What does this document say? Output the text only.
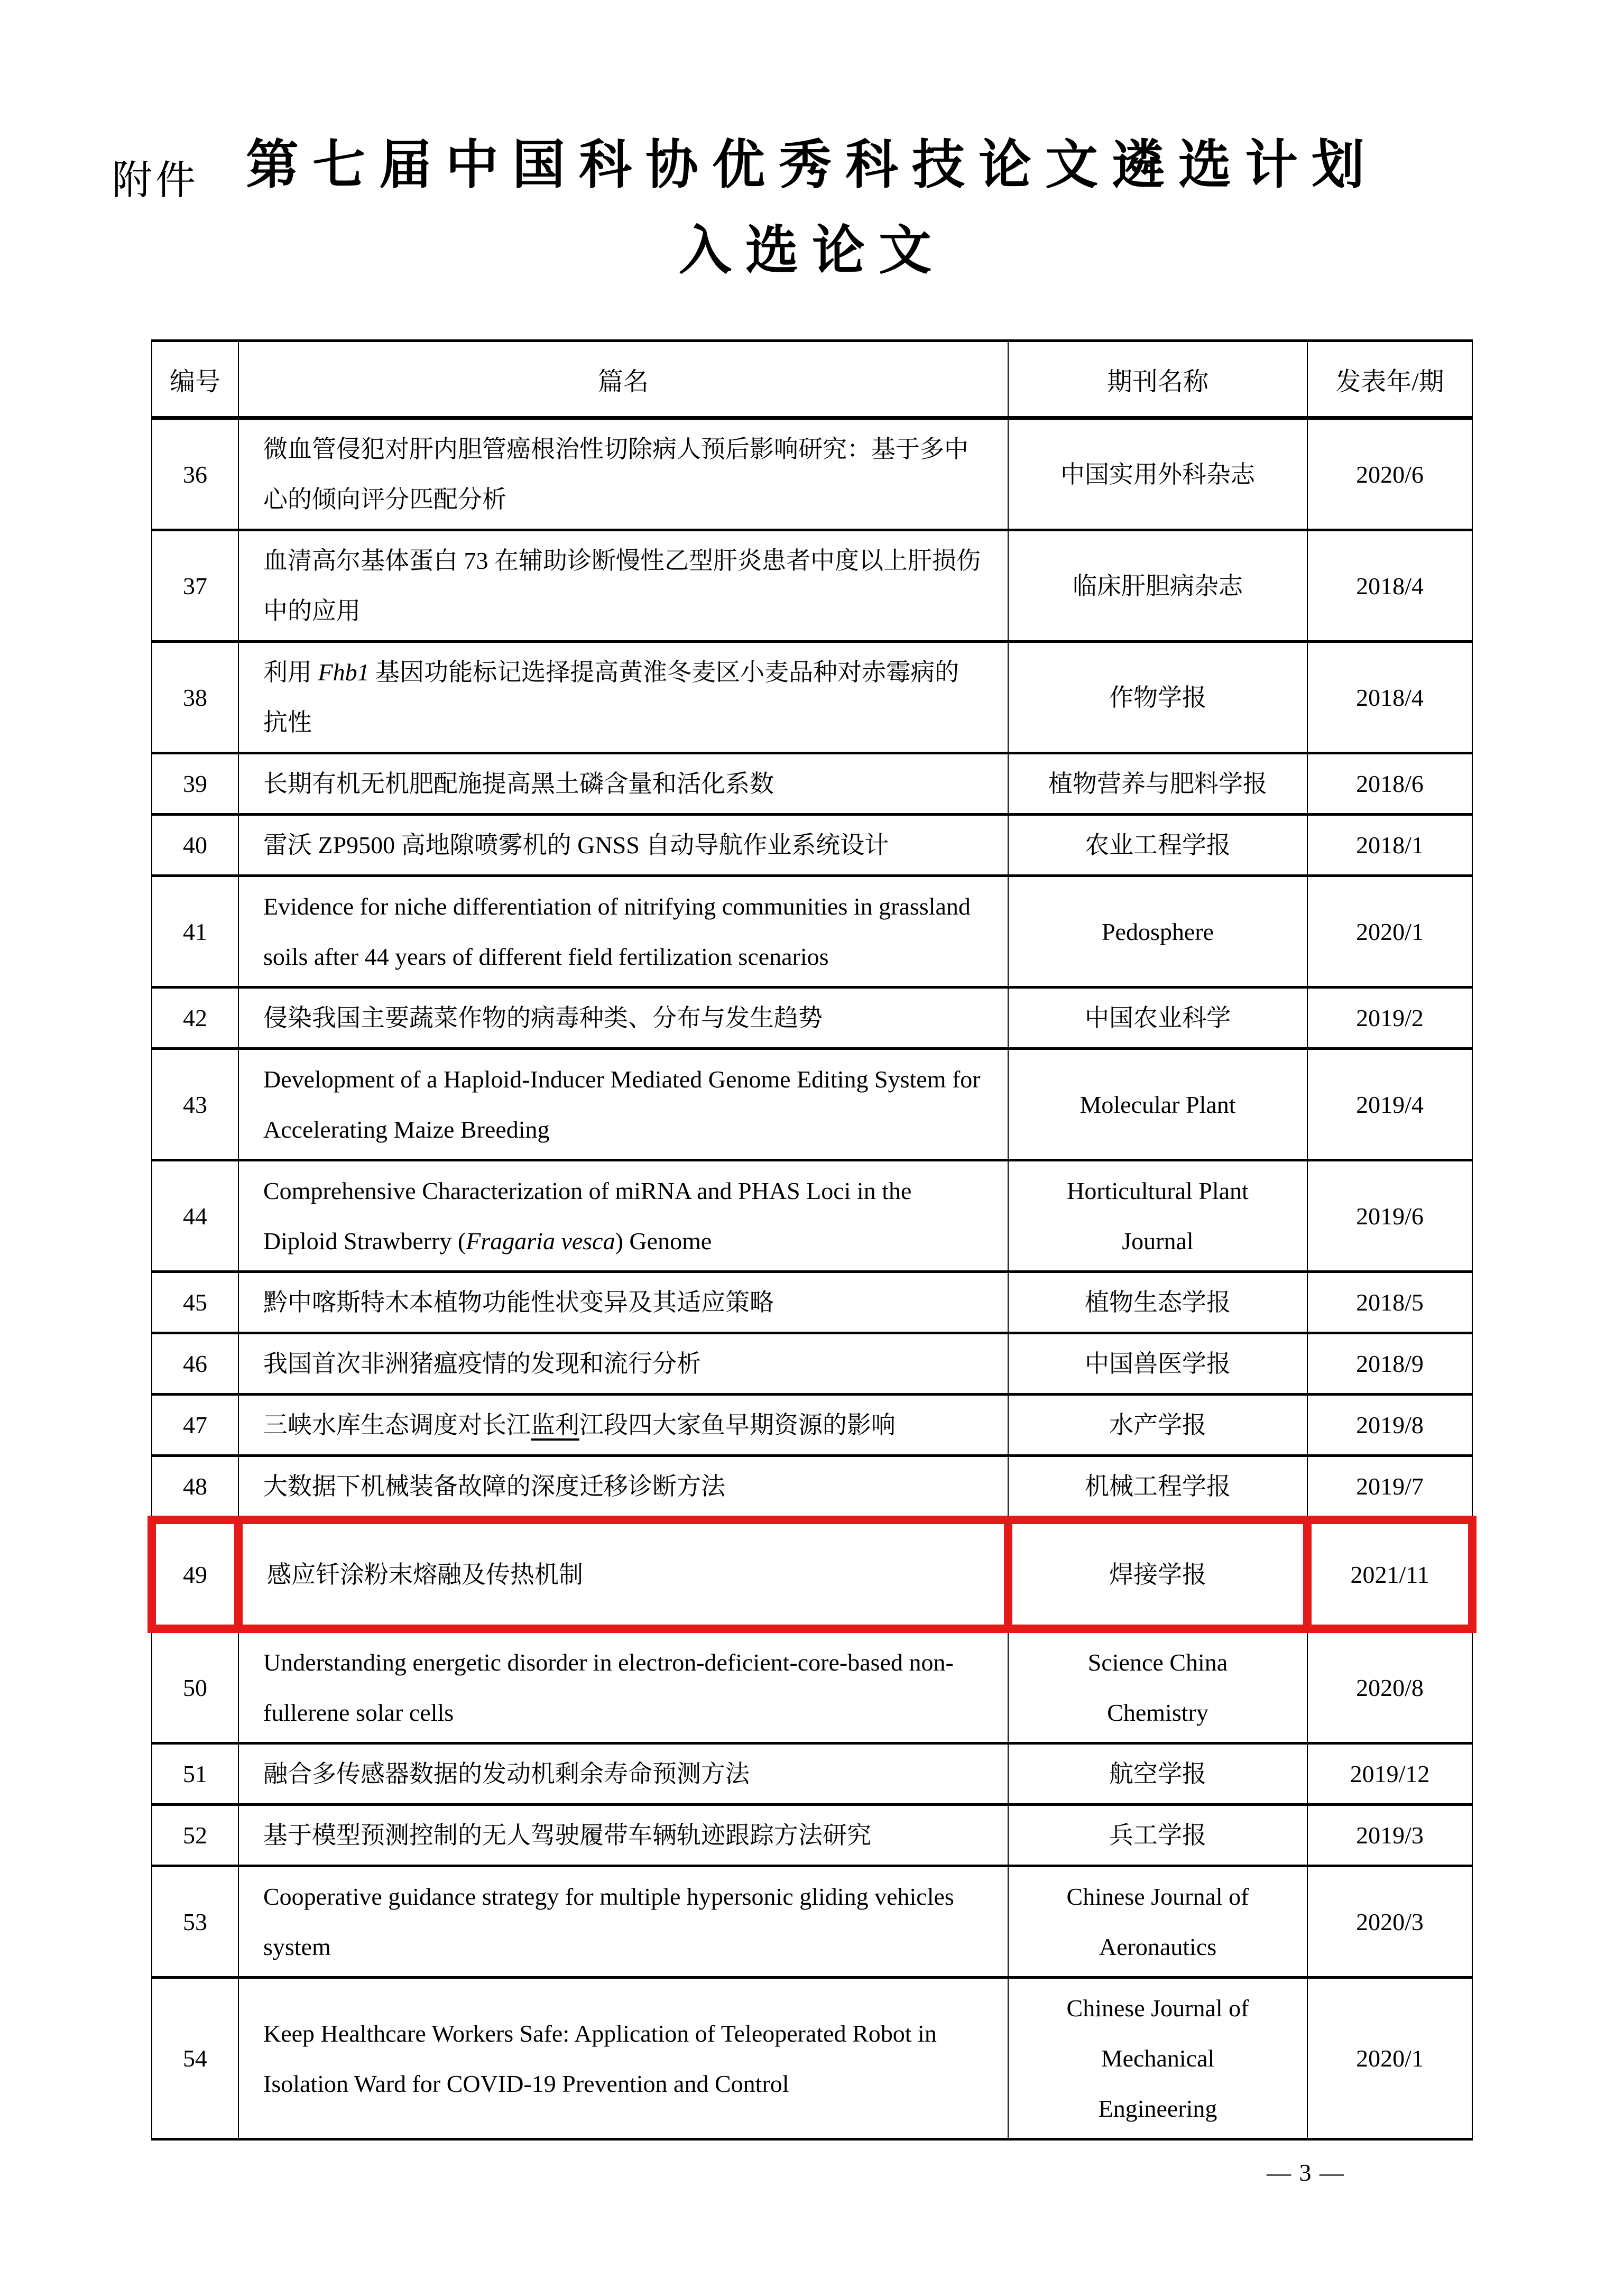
附件 第七届中国科协优秀科技论文遴选计划
入选论文
编号	篇名	期刊名称	发表年/期
36	微血管侵犯对肝内胆管癌根治性切除病人预后影响研究：基于多中心的倾向评分匹配分析	中国实用外科杂志	2020/6
37	血清高尔基体蛋白 73 在辅助诊断慢性乙型肝炎患者中度以上肝损伤中的应用	临床肝胆病杂志	2018/4
38	利用 Fhb1 基因功能标记选择提高黄淮冬麦区小麦品种对赤霉病的抗性	作物学报	2018/4
39	长期有机无机肥配施提高黑土磷含量和活化系数	植物营养与肥料学报	2018/6
40	雷沃 ZP9500 高地隙喷雾机的 GNSS 自动导航作业系统设计	农业工程学报	2018/1
41	Evidence for niche differentiation of nitrifying communities in grassland soils after 44 years of different field fertilization scenarios	Pedosphere	2020/1
42	侵染我国主要蔬菜作物的病毒种类、分布与发生趋势	中国农业科学	2019/2
43	Development of a Haploid-Inducer Mediated Genome Editing System for Accelerating Maize Breeding	Molecular Plant	2019/4
44	Comprehensive Characterization of miRNA and PHAS Loci in the Diploid Strawberry (Fragaria vesca) Genome	Horticultural Plant Journal	2019/6
45	黔中喀斯特木本植物功能性状变异及其适应策略	植物生态学报	2018/5
46	我国首次非洲猪瘟疫情的发现和流行分析	中国兽医学报	2018/9
47	三峡水库生态调度对长江监利江段四大家鱼早期资源的影响	水产学报	2019/8
48	大数据下机械装备故障的深度迁移诊断方法	机械工程学报	2019/7
49	感应钎涂粉末熔融及传热机制	焊接学报	2021/11
50	Understanding energetic disorder in electron-deficient-core-based non-fullerene solar cells	Science China Chemistry	2020/8
51	融合多传感器数据的发动机剩余寿命预测方法	航空学报	2019/12
52	基于模型预测控制的无人驾驶履带车辆轨迹跟踪方法研究	兵工学报	2019/3
53	Cooperative guidance strategy for multiple hypersonic gliding vehicles system	Chinese Journal of Aeronautics	2020/3
54	Keep Healthcare Workers Safe: Application of Teleoperated Robot in Isolation Ward for COVID-19 Prevention and Control	Chinese Journal of Mechanical Engineering	2020/1
— 3 —
